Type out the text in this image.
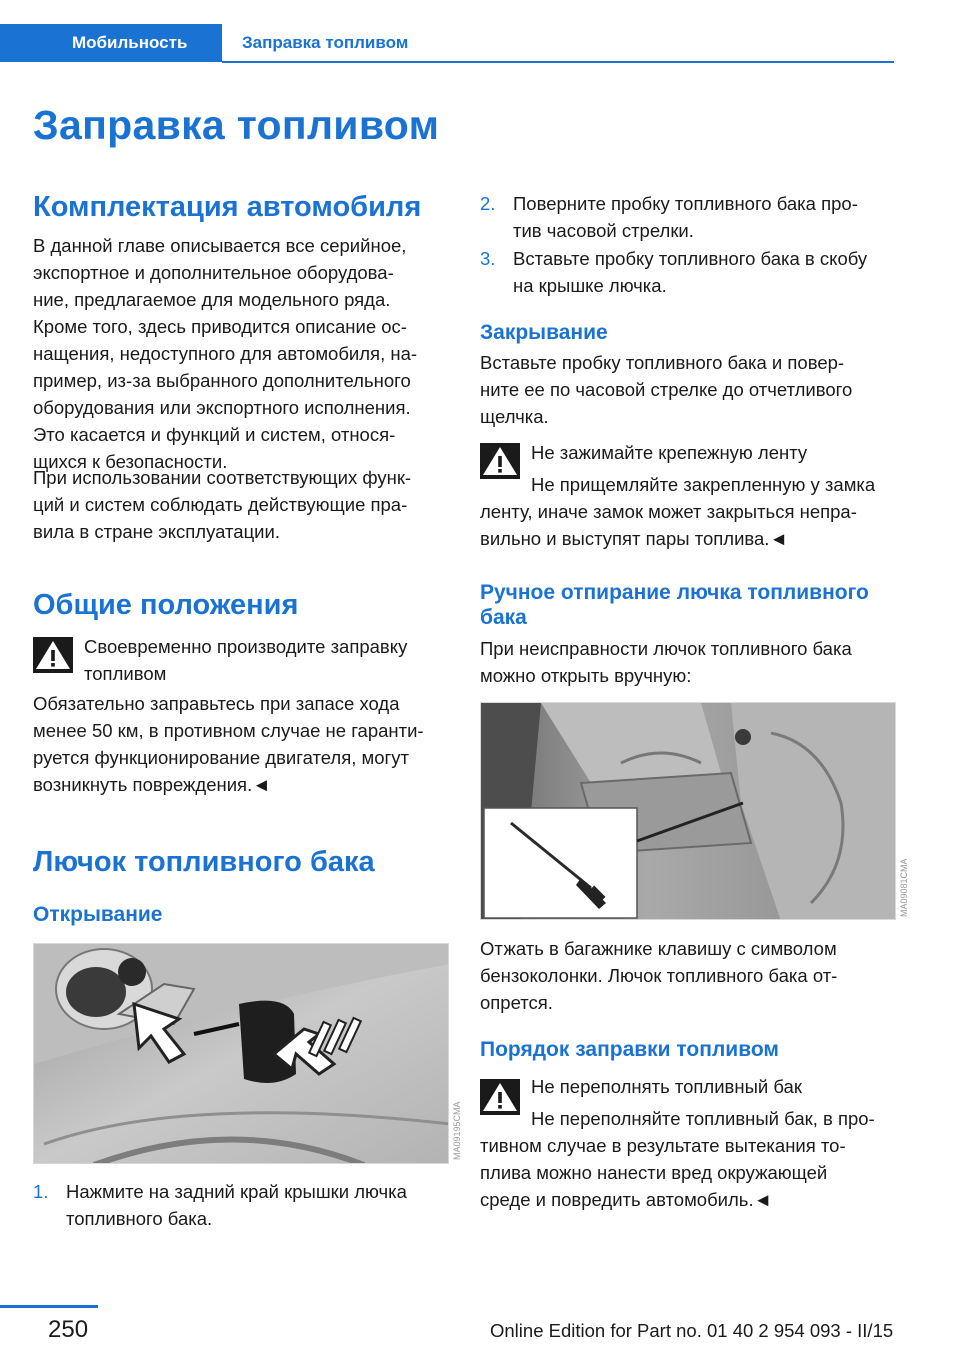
Мобильность	Заправка топливом
Заправка топливом
Комплектация автомобиля
В данной главе описывается все серийное,
экспортное и дополнительное оборудова-
ние, предлагаемое для модельного ряда.
Кроме того, здесь приводится описание ос-
нащения, недоступного для автомобиля, на-
пример, из-за выбранного дополнительного
оборудования или экспортного исполнения.
Это касается и функций и систем, относя-
щихся к безопасности.
При использовании соответствующих функ-
ций и систем соблюдать действующие пра-
вила в стране эксплуатации.
Общие положения
Своевременно производите заправку
топливом
Обязательно заправьтесь при запасе хода
менее 50 км, в противном случае не гаранти-
руется функционирование двигателя, могут
возникнуть повреждения.◄
Лючок топливного бака
Открывание
MA09195CMA
1. Нажмите на задний край крышки лючка
топливного бака.
2. Поверните пробку топливного бака про-
тив часовой стрелки.
3. Вставьте пробку топливного бака в скобу
на крышке лючка.
Закрывание
Вставьте пробку топливного бака и повер-
ните ее по часовой стрелке до отчетливого
щелчка.
Не зажимайте крепежную ленту
Не прищемляйте закрепленную у замка
ленту, иначе замок может закрыться непра-
вильно и выступят пары топлива.◄
Ручное отпирание лючка топливного
бака
При неисправности лючок топливного бака
можно открыть вручную:
MA09081CMA
Отжать в багажнике клавишу с символом
бензоколонки. Лючок топливного бака от-
опрется.
Порядок заправки топливом
Не переполнять топливный бак
Не переполняйте топливный бак, в про-
тивном случае в результате вытекания то-
плива можно нанести вред окружающей
среде и повредить автомобиль.◄
250	Online Edition for Part no. 01 40 2 954 093 - II/15
